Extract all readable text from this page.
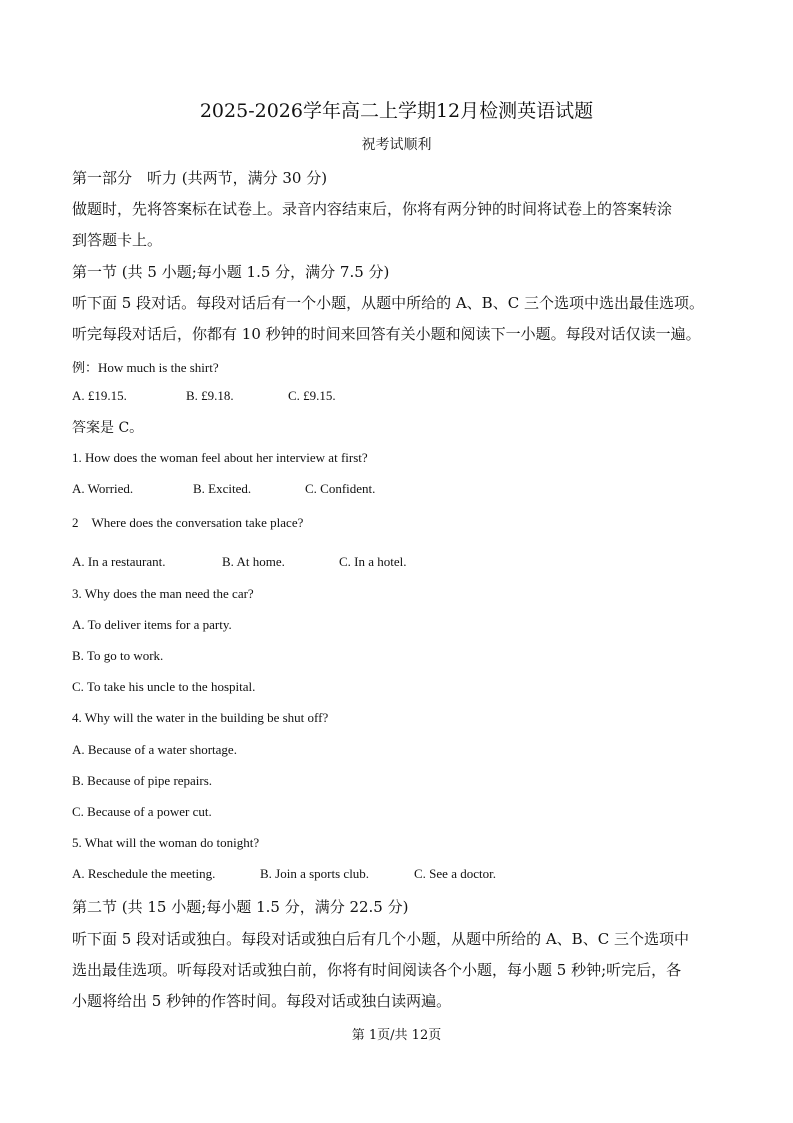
2025-2026学年高二上学期12月检测英语试题
祝考试顺利
第一部分　听力 (共两节，满分 30 分)
做题时，先将答案标在试卷上。录音内容结束后，你将有两分钟的时间将试卷上的答案转涂
到答题卡上。
第一节 (共 5 小题;每小题 1.5 分，满分 7.5 分)
听下面 5 段对话。每段对话后有一个小题，从题中所给的 A、B、C 三个选项中选出最佳选项。
听完每段对话后，你都有 10 秒钟的时间来回答有关小题和阅读下一小题。每段对话仅读一遍。
例：How much is the shirt?
A. £19.15.	B. £9.18.	C. £9.15.
答案是 C。
1. How does the woman feel about her interview at first?
A. Worried.	B. Excited.	C. Confident.
2　Where does the conversation take place?
A. In a restaurant.	B. At home.	C. In a hotel.
3. Why does the man need the car?
A. To deliver items for a party.
B. To go to work.
C. To take his uncle to the hospital.
4. Why will the water in the building be shut off?
A. Because of a water shortage.
B. Because of pipe repairs.
C. Because of a power cut.
5. What will the woman do tonight?
A. Reschedule the meeting.	B. Join a sports club.	C. See a doctor.
第二节 (共 15 小题;每小题 1.5 分，满分 22.5 分)
听下面 5 段对话或独白。每段对话或独白后有几个小题，从题中所给的 A、B、C 三个选项中
选出最佳选项。听每段对话或独白前，你将有时间阅读各个小题，每小题 5 秒钟;听完后，各
小题将给出 5 秒钟的作答时间。每段对话或独白读两遍。
第 1页/共 12页
